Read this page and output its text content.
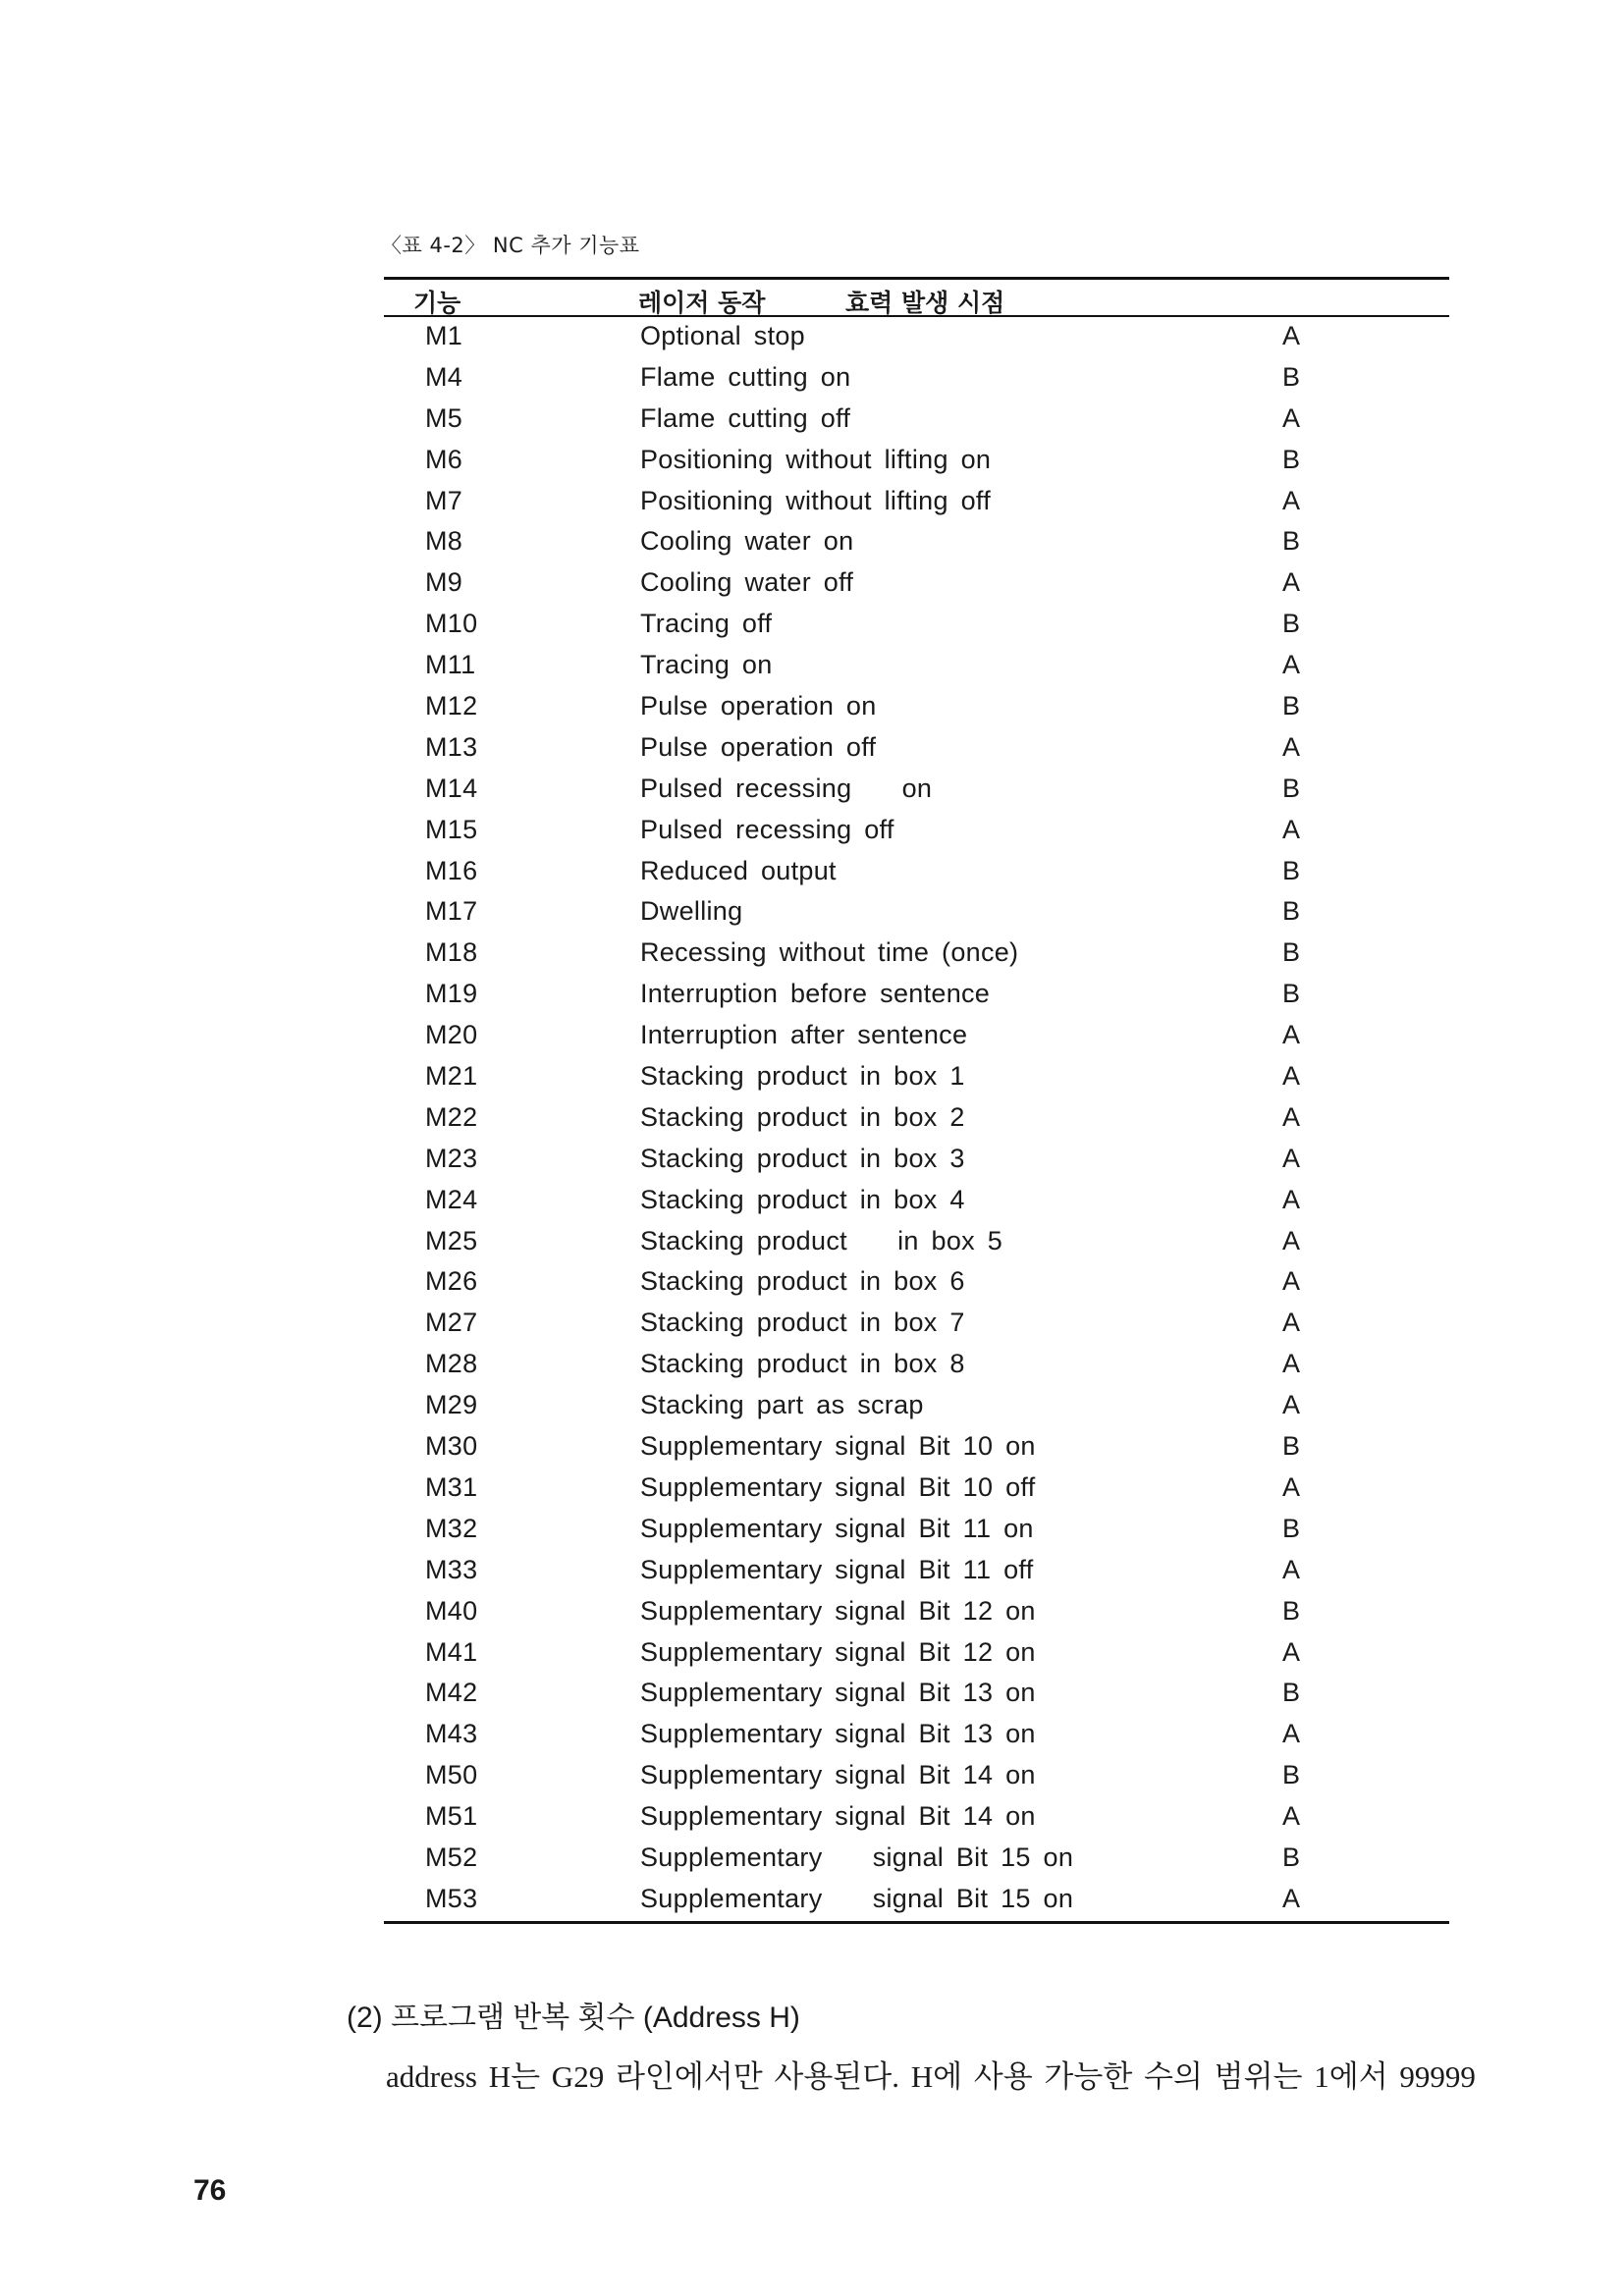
〈표 4-2〉 NC 추가 기능표
기능	레이저 동작	효력 발생 시점
M1	Optional stop	A
M4	Flame cutting on	B
M5	Flame cutting off	A
M6	Positioning without lifting on	B
M7	Positioning without lifting off	A
M8	Cooling water on	B
M9	Cooling water off	A
M10	Tracing off	B
M11	Tracing on	A
M12	Pulse operation on	B
M13	Pulse operation off	A
M14	Pulsed recessing    on	B
M15	Pulsed recessing off	A
M16	Reduced output	B
M17	Dwelling	B
M18	Recessing without time (once)	B
M19	Interruption before sentence	B
M20	Interruption after sentence	A
M21	Stacking product in box 1	A
M22	Stacking product in box 2	A
M23	Stacking product in box 3	A
M24	Stacking product in box 4	A
M25	Stacking product    in box 5	A
M26	Stacking product in box 6	A
M27	Stacking product in box 7	A
M28	Stacking product in box 8	A
M29	Stacking part as scrap	A
M30	Supplementary signal Bit 10 on	B
M31	Supplementary signal Bit 10 off	A
M32	Supplementary signal Bit 11 on	B
M33	Supplementary signal Bit 11 off	A
M40	Supplementary signal Bit 12 on	B
M41	Supplementary signal Bit 12 on	A
M42	Supplementary signal Bit 13 on	B
M43	Supplementary signal Bit 13 on	A
M50	Supplementary signal Bit 14 on	B
M51	Supplementary signal Bit 14 on	A
M52	Supplementary    signal Bit 15 on	B
M53	Supplementary    signal Bit 15 on	A
(2) 프로그램 반복 횟수 (Address H)
address H는 G29 라인에서만 사용된다. H에 사용 가능한 수의 범위는 1에서 99999
76
